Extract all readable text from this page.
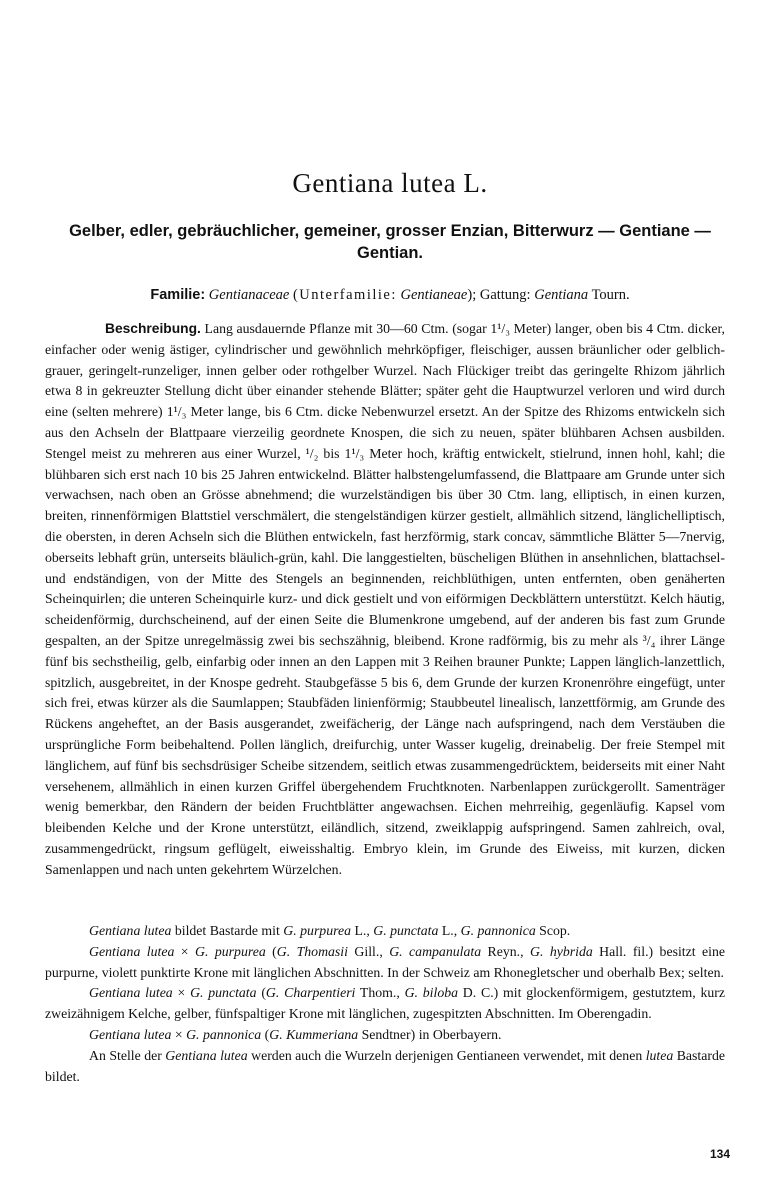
Gentiana lutea L.
Gelber, edler, gebräuchlicher, gemeiner, grosser Enzian, Bitterwurz — Gentiane — Gentian.
Familie: Gentianaceae (Unterfamilie: Gentianeae); Gattung: Gentiana Tourn.

Beschreibung. Lang ausdauernde Pflanze mit 30—60 Ctm. (sogar 1¹/₃ Meter) langer, oben bis 4 Ctm. dicker, einfacher oder wenig ästiger, cylindrischer und gewöhnlich mehrköpfiger, fleischiger, aussen bräunlicher oder gelblich-grauer, geringelt-runzeliger, innen gelber oder rothgelber Wurzel. Nach Flückiger treibt das geringelte Rhizom jährlich etwa 8 in gekreuzter Stellung dicht über einander stehende Blätter; später geht die Hauptwurzel verloren und wird durch eine (selten mehrere) 1¹/₃ Meter lange, bis 6 Ctm. dicke Nebenwurzel ersetzt. An der Spitze des Rhizoms entwickeln sich aus den Achseln der Blattpaare vierzeilig geordnete Knospen, die sich zu neuen, später blühbaren Achsen ausbilden. Stengel meist zu mehreren aus einer Wurzel, ¹/₂ bis 1¹/₃ Meter hoch, kräftig entwickelt, stielrund, innen hohl, kahl; die blühbaren sich erst nach 10 bis 25 Jahren entwickelnd. Blätter halbstengelumfassend, die Blattpaare am Grunde unter sich verwachsen, nach oben an Grösse abnehmend; die wurzelständigen bis über 30 Ctm. lang, elliptisch, in einen kurzen, breiten, rinnenförmigen Blattstiel verschmälert, die stengelständigen kürzer gestielt, allmählich sitzend, länglichelliptisch, die obersten, in deren Achseln sich die Blüthen entwickeln, fast herzförmig, stark concav, sämmtliche Blätter 5—7nervig, oberseits lebhaft grün, unterseits bläulich-grün, kahl. Die langgestielten, büscheligen Blüthen in ansehnlichen, blattachsel- und endständigen, von der Mitte des Stengels an beginnenden, reichblüthigen, unten entfernten, oben genäherten Scheinquirlen; die unteren Scheinquirle kurz- und dick gestielt und von eiförmigen Deckblättern unterstützt. Kelch häutig, scheidenförmig, durchscheinend, auf der einen Seite die Blumenkrone umgebend, auf der anderen bis fast zum Grunde gespalten, an der Spitze unregelmässig zwei bis sechszähnig, bleibend. Krone radförmig, bis zu mehr als ³/₄ ihrer Länge fünf bis sechstheilig, gelb, einfarbig oder innen an den Lappen mit 3 Reihen brauner Punkte; Lappen länglich-lanzettlich, spitzlich, ausgebreitet, in der Knospe gedreht. Staubgefässe 5 bis 6, dem Grunde der kurzen Kronenröhre eingefügt, unter sich frei, etwas kürzer als die Saumlappen; Staubfäden linienförmig; Staubbeutel linealisch, lanzettförmig, am Grunde des Rückens angeheftet, an der Basis ausgerandet, zweifächerig, der Länge nach aufspringend, nach dem Verstäuben die ursprüngliche Form beibehaltend. Pollen länglich, dreifurchig, unter Wasser kugelig, dreinabelig. Der freie Stempel mit länglichem, auf fünf bis sechsdrüsiger Scheibe sitzendem, seitlich etwas zusammengedrücktem, beiderseits mit einer Naht versehenem, allmählich in einen kurzen Griffel übergehendem Fruchtknoten. Narbenlappen zurückgerollt. Samenträger wenig bemerkbar, den Rändern der beiden Fruchtblätter angewachsen. Eichen mehrreihig, gegenläufig. Kapsel vom bleibenden Kelche und der Krone unterstützt, eiländlich, sitzend, zweiklappig aufspringend. Samen zahlreich, oval, zusammengedrückt, ringsum geflügelt, eiweisshaltig. Embryo klein, im Grunde des Eiweiss, mit kurzen, dicken Samenlappen und nach unten gekehrtem Würzelchen.

Gentiana lutea bildet Bastarde mit G. purpurea L., G. punctata L., G. pannonica Scop.

Gentiana lutea × G. purpurea (G. Thomasii Gill., G. campanulata Reyn., G. hybrida Hall. fil.) besitzt eine purpurne, violett punktirte Krone mit länglichen Abschnitten. In der Schweiz am Rhonegletscher und oberhalb Bex; selten.

Gentiana lutea × G. punctata (G. Charpentieri Thom., G. biloba D. C.) mit glockenförmigem, gestutztem, kurz zweizähnigem Kelche, gelber, fünfspaltiger Krone mit länglichen, zugespitzten Abschnitten. Im Oberengadin.

Gentiana lutea × G. pannonica (G. Kummeriana Sendtner) in Oberbayern.

An Stelle der Gentiana lutea werden auch die Wurzeln derjenigen Gentianeen verwendet, mit denen lutea Bastarde bildet.

134
